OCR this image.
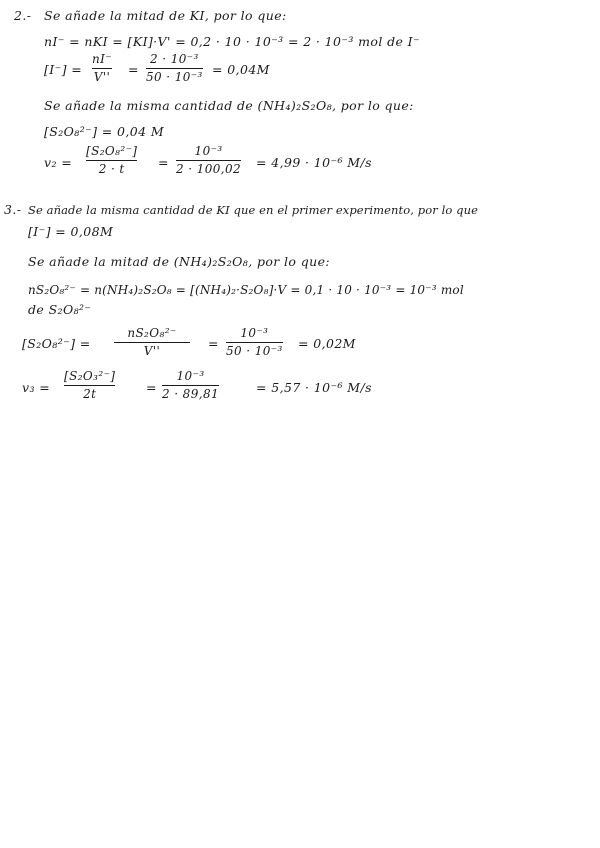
2.- Se añade la mitad de KI, por lo que:
nI⁻ = nKI = [KI]·V' = 0,2 · 10 · 10⁻³ = 2 · 10⁻³ mol de I⁻
[I⁻] =
nI⁻
V'' =
2 · 10⁻³
50 · 10⁻³ = 0,04M
Se añade la misma cantidad de (NH₄)₂S₂O₈, por lo que:
[S₂O₈²⁻] = 0,04 M
v₂ =
[S₂O₈²⁻]
2 · t	=
10⁻³
2 · 100,02 = 4,99 · 10⁻⁶ M/s
3.- Se añade la misma cantidad de KI que en el primer experimento, por lo que
[I⁻] = 0,08M
Se añade la mitad de (NH₄)₂S₂O₈, por lo que:
nS₂O₈²⁻ = n(NH₄)₂S₂O₈ = [(NH₄)₂·S₂O₈]·V = 0,1 · 10 · 10⁻³ = 10⁻³ mol
de S₂O₈²⁻
[S₂O₈²⁻] =
nS₂O₈²⁻
V''	=
10⁻³
50 · 10⁻³ = 0,02M
v₃ =
[S₂O₃²⁻]
2t	=
10⁻³
2 · 89,81	= 5,57 · 10⁻⁶ M/s
